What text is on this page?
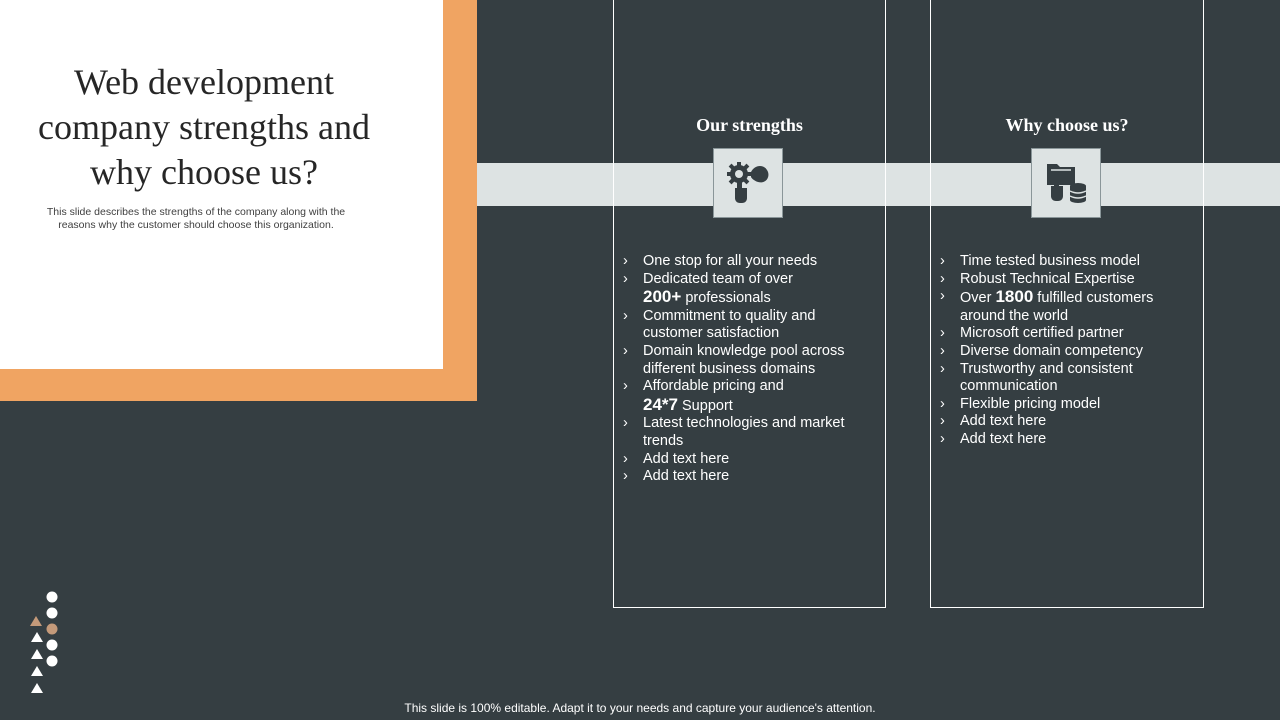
Web development company strengths and why choose us?

This slide describes the strengths of the company along with the reasons why the customer should choose this organization.

Our strengths
› One stop for all your needs
› Dedicated team of over
200+ professionals
› Commitment to quality and customer satisfaction
› Domain knowledge pool across different business domains
› Affordable pricing and
24*7 Support
› Latest technologies and market trends
› Add text here
› Add text here
Why choose us?
› Time tested business model
› Robust Technical Expertise
› Over 1800 fulfilled customers around the world
› Microsoft certified partner
› Diverse domain competency
› Trustworthy and consistent communication
› Flexible pricing model
› Add text here
› Add text here

This slide is 100% editable. Adapt it to your needs and capture your audience's attention.
